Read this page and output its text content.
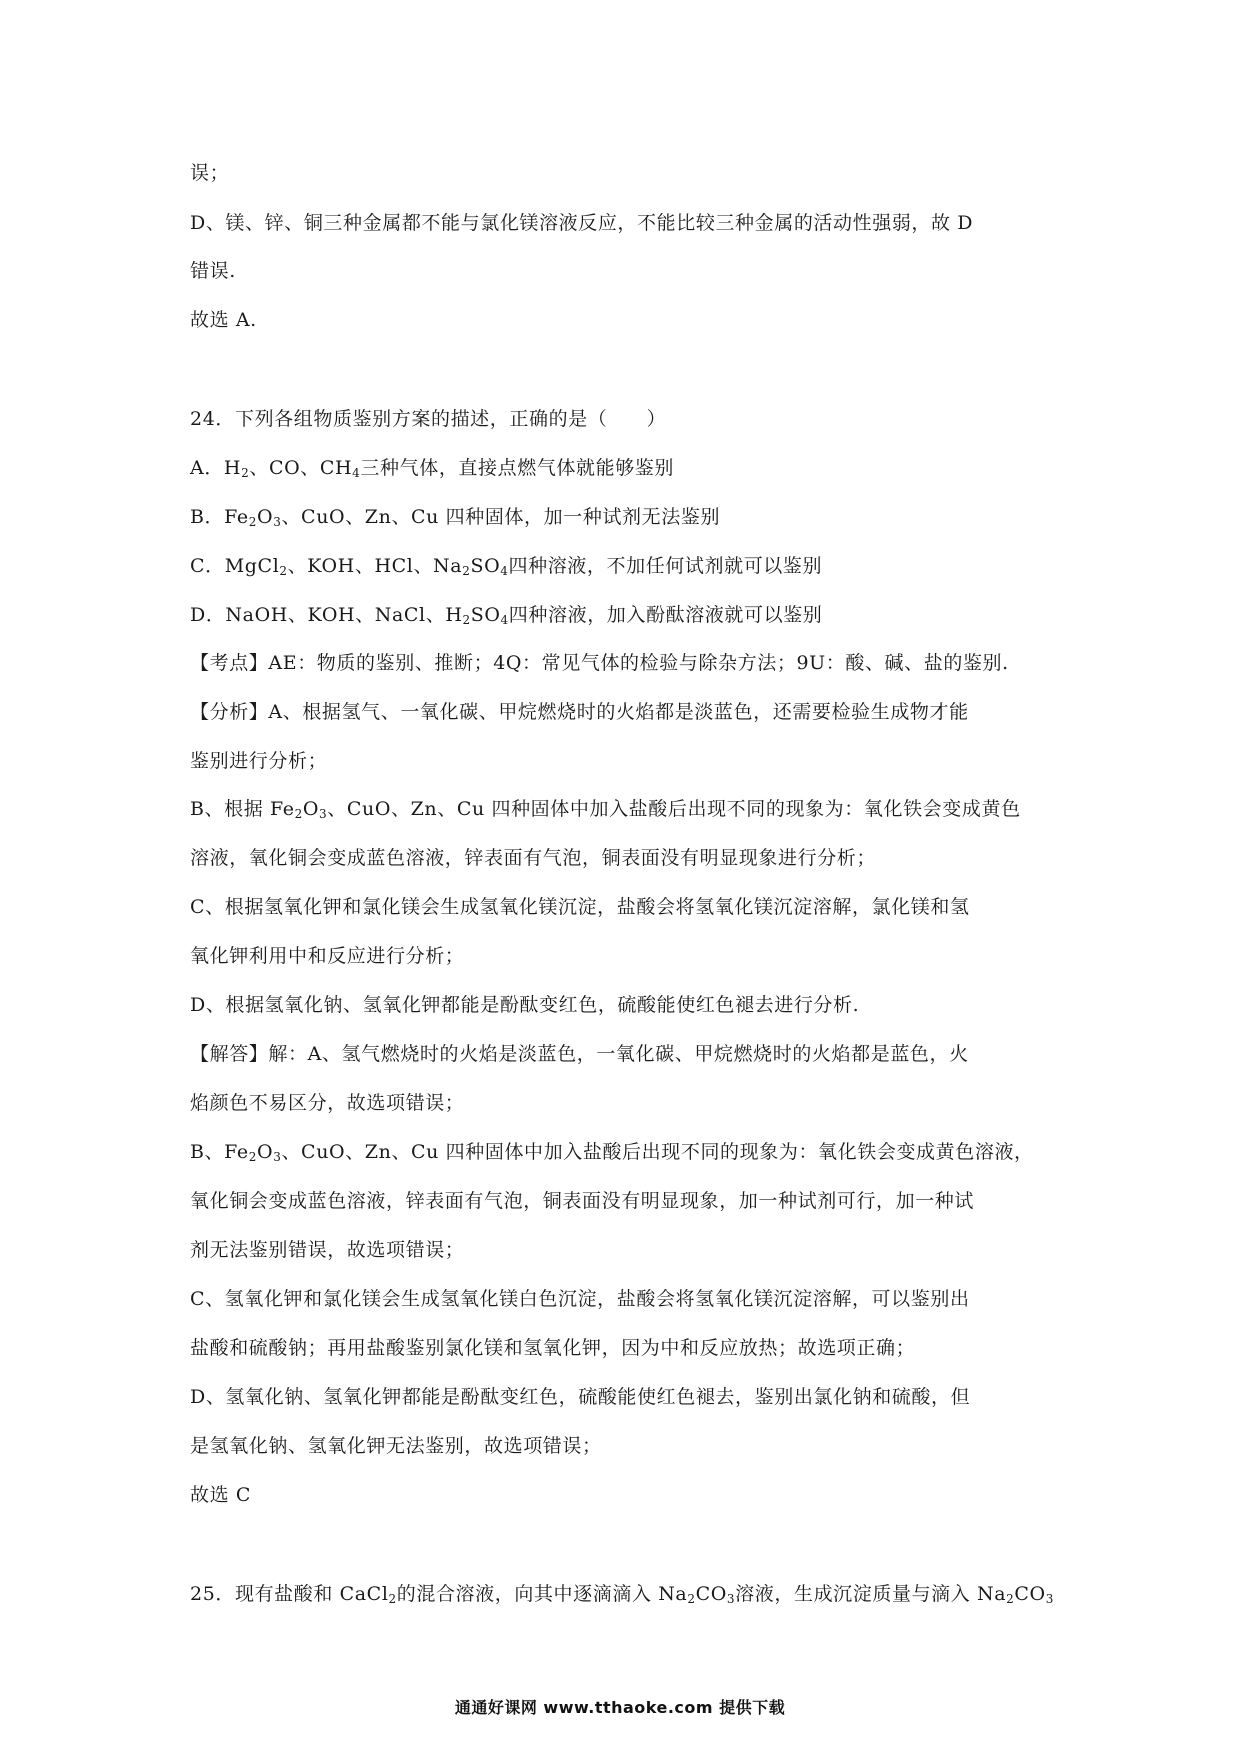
误；
D、镁、锌、铜三种金属都不能与氯化镁溶液反应，不能比较三种金属的活动性强弱，故 D
错误.
故选 A.
24．下列各组物质鉴别方案的描述，正确的是（　　）
A．$H_2$、CO、$CH_4$三种气体，直接点燃气体就能够鉴别
B．$Fe_2O_3$、CuO、Zn、Cu 四种固体，加一种试剂无法鉴别
C．MgCl$_2$、KOH、HCl、$Na_2SO_4$四种溶液，不加任何试剂就可以鉴别
D．NaOH、KOH、NaCl、$H_2SO_4$四种溶液，加入酚酞溶液就可以鉴别
【考点】AE：物质的鉴别、推断；4Q：常见气体的检验与除杂方法；9U：酸、碱、盐的鉴别.
【分析】A、根据氢气、一氧化碳、甲烷燃烧时的火焰都是淡蓝色，还需要检验生成物才能
鉴别进行分析；
B、根据 $Fe_2O_3$、CuO、Zn、Cu 四种固体中加入盐酸后出现不同的现象为：氧化铁会变成黄色
溶液，氧化铜会变成蓝色溶液，锌表面有气泡，铜表面没有明显现象进行分析；
C、根据氢氧化钾和氯化镁会生成氢氧化镁沉淀，盐酸会将氢氧化镁沉淀溶解，氯化镁和氢
氧化钾利用中和反应进行分析；
D、根据氢氧化钠、氢氧化钾都能是酚酞变红色，硫酸能使红色褪去进行分析.
【解答】解：A、氢气燃烧时的火焰是淡蓝色，一氧化碳、甲烷燃烧时的火焰都是蓝色，火
焰颜色不易区分，故选项错误；
B、$Fe_2O_3$、CuO、Zn、Cu 四种固体中加入盐酸后出现不同的现象为：氧化铁会变成黄色溶液，
氧化铜会变成蓝色溶液，锌表面有气泡，铜表面没有明显现象，加一种试剂可行，加一种试
剂无法鉴别错误，故选项错误；
C、氢氧化钾和氯化镁会生成氢氧化镁白色沉淀，盐酸会将氢氧化镁沉淀溶解，可以鉴别出
盐酸和硫酸钠；再用盐酸鉴别氯化镁和氢氧化钾，因为中和反应放热；故选项正确；
D、氢氧化钠、氢氧化钾都能是酚酞变红色，硫酸能使红色褪去，鉴别出氯化钠和硫酸，但
是氢氧化钠、氢氧化钾无法鉴别，故选项错误；
故选 C
25．现有盐酸和 CaCl$_2$的混合溶液，向其中逐滴滴入 $Na_2CO_3$溶液，生成沉淀质量与滴入 $Na_2CO_3$
通通好课网 www.tthaoke.com 提供下载
